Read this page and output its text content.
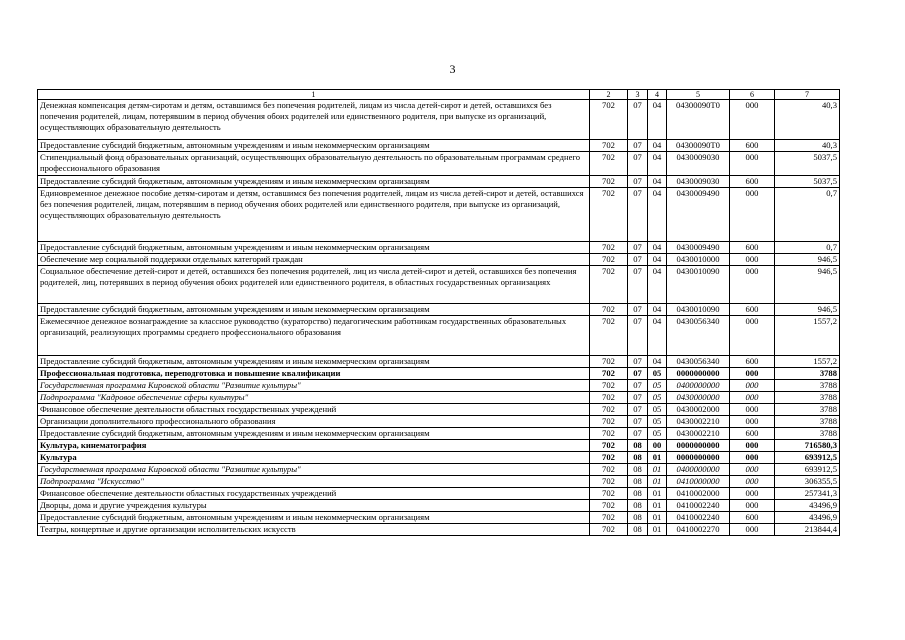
3
1	2	3	4	5	6	7
Денежная компенсация детям-сиротам и детям, оставшимся без попечения родителей, лицам из числа детей-сирот и детей, оставшихся без попечения родителей, лицам, потерявшим в период обучения обоих родителей или единственного родителя, при выпуске из организаций, осуществляющих образовательную деятельность	702	07	04	04300090Т0	000	40,3
Предоставление субсидий бюджетным, автономным учреждениям и иным некоммерческим организациям	702	07	04	04300090Т0	600	40,3
Стипендиальный фонд образовательных организаций, осуществляющих образовательную деятельность по образовательным программам среднего профессионального образования	702	07	04	04300090З0	000	5037,5
Предоставление субсидий бюджетным, автономным учреждениям и иным некоммерческим организациям	702	07	04	04300090З0	600	5037,5
Единовременное денежное пособие детям-сиротам и детям, оставшимся без попечения родителей, лицам из числа детей-сирот и детей, оставшихся без попечения родителей, лицам, потерявшим в период обучения обоих родителей или единственного родителя, при выпуске из организаций, осуществляющих образовательную деятельность	702	07	04	0430009490	000	0,7
Предоставление субсидий бюджетным, автономным учреждениям и иным некоммерческим организациям	702	07	04	0430009490	600	0,7
Обеспечение мер социальной поддержки отдельных категорий граждан	702	07	04	0430010000	000	946,5
Социальное обеспечение детей-сирот и детей, оставшихся без попечения родителей, лиц из числа детей-сирот и детей, оставшихся без попечения родителей, лиц, потерявших в период обучения обоих родителей или единственного родителя, в областных государственных организациях	702	07	04	0430010090	000	946,5
Предоставление субсидий бюджетным, автономным учреждениям и иным некоммерческим организациям	702	07	04	0430010090	600	946,5
Ежемесячное денежное вознаграждение за классное руководство (кураторство) педагогическим работникам государственных образовательных организаций, реализующих программы среднего профессионального образования	702	07	04	0430056340	000	1557,2
Предоставление субсидий бюджетным, автономным учреждениям и иным некоммерческим организациям	702	07	04	0430056340	600	1557,2
Профессиональная подготовка, переподготовка и повышение квалификации	702	07	05	0000000000	000	3788
Государственная программа Кировской области "Развитие культуры"	702	07	05	0400000000	000	3788
Подпрограмма "Кадровое обеспечение сферы культуры"	702	07	05	0430000000	000	3788
Финансовое обеспечение деятельности областных государственных учреждений	702	07	05	0430002000	000	3788
Организации дополнительного профессионального образования	702	07	05	0430002210	000	3788
Предоставление субсидий бюджетным, автономным учреждениям и иным некоммерческим организациям	702	07	05	0430002210	600	3788
Культура, кинематография	702	08	00	0000000000	000	716580,3
Культура	702	08	01	0000000000	000	693912,5
Государственная программа Кировской области "Развитие культуры"	702	08	01	0400000000	000	693912,5
Подпрограмма "Искусство"	702	08	01	0410000000	000	306355,5
Финансовое обеспечение деятельности областных государственных учреждений	702	08	01	0410002000	000	257341,3
Дворцы, дома и другие учреждения культуры	702	08	01	0410002240	000	43496,9
Предоставление субсидий бюджетным, автономным учреждениям и иным некоммерческим организациям	702	08	01	0410002240	600	43496,9
Театры, концертные и другие организации исполнительских искусств	702	08	01	0410002270	000	213844,4
